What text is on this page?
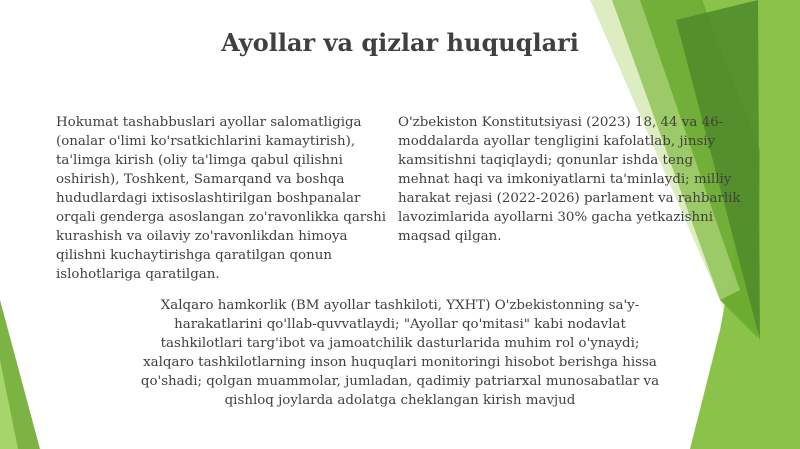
Ayollar va qizlar huquqlari

Hokumat tashabbuslari ayollar salomatligiga (onalar o'limi ko'rsatkichlarini kamaytirish), ta'limga kirish (oliy ta'limga qabul qilishni oshirish), Toshkent, Samarqand va boshqa hududlardagi ixtisoslashtirilgan boshpanalar orqali genderga asoslangan zo'ravonlikka qarshi kurashish va oilaviy zo'ravonlikdan himoya qilishni kuchaytirishga qaratilgan qonun islohotlariga qaratilgan.

O'zbekiston Konstitutsiyasi (2023) 18, 44 va 46-moddalarda ayollar tengligini kafolatlab, jinsiy kamsitishni taqiqlaydi; qonunlar ishda teng mehnat haqi va imkoniyatlarni ta'minlaydi; milliy harakat rejasi (2022-2026) parlament va rahbarlik lavozimlarida ayollarni 30% gacha yetkazishni maqsad qilgan.

Xalqaro hamkorlik (BM ayollar tashkiloti, YXHT) O'zbekistonning sa'y-harakatlarini qo'llab-quvvatlaydi; "Ayollar qo'mitasi" kabi nodavlat tashkilotlari targ'ibot va jamoatchilik dasturlarida muhim rol o'ynaydi; xalqaro tashkilotlarning inson huquqlari monitoringi hisobot berishga hissa qo'shadi; qolgan muammolar, jumladan, qadimiy patriarxal munosabatlar va qishloq joylarda adolatga cheklangan kirish mavjud
